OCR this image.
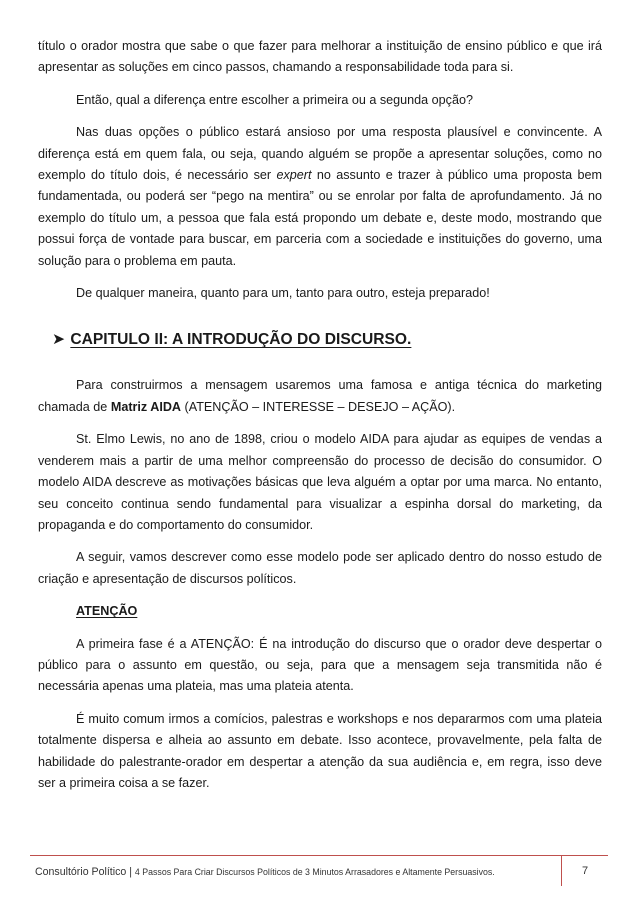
título o orador mostra que sabe o que fazer para melhorar a instituição de ensino público e que irá apresentar as soluções em cinco passos, chamando a responsabilidade toda para si.

Então, qual a diferença entre escolher a primeira ou a segunda opção?

Nas duas opções o público estará ansioso por uma resposta plausível e convincente. A diferença está em quem fala, ou seja, quando alguém se propõe a apresentar soluções, como no exemplo do título dois, é necessário ser expert no assunto e trazer à público uma proposta bem fundamentada, ou poderá ser “pego na mentira” ou se enrolar por falta de aprofundamento. Já no exemplo do título um, a pessoa que fala está propondo um debate e, deste modo, mostrando que possui força de vontade para buscar, em parceria com a sociedade e instituições do governo, uma solução para o problema em pauta.

De qualquer maneira, quanto para um, tanto para outro, esteja preparado!

➤ CAPITULO II: A INTRODUÇÃO DO DISCURSO.

Para construirmos a mensagem usaremos uma famosa e antiga técnica do marketing chamada de Matriz AIDA (ATENÇÃO – INTERESSE – DESEJO – AÇÃO).

St. Elmo Lewis, no ano de 1898, criou o modelo AIDA para ajudar as equipes de vendas a venderem mais a partir de uma melhor compreensão do processo de decisão do consumidor. O modelo AIDA descreve as motivações básicas que leva alguém a optar por uma marca. No entanto, seu conceito continua sendo fundamental para visualizar a espinha dorsal do marketing, da propaganda e do comportamento do consumidor.

A seguir, vamos descrever como esse modelo pode ser aplicado dentro do nosso estudo de criação e apresentação de discursos políticos.

ATENÇÃO

A primeira fase é a ATENÇÃO: É na introdução do discurso que o orador deve despertar o público para o assunto em questão, ou seja, para que a mensagem seja transmitida não é necessária apenas uma plateia, mas uma plateia atenta.

É muito comum irmos a comícios, palestras e workshops e nos depararmos com uma plateia totalmente dispersa e alheia ao assunto em debate. Isso acontece, provavelmente, pela falta de habilidade do palestrante-orador em despertar a atenção da sua audiência e, em regra, isso deve ser a primeira coisa a se fazer.

Consultório Político | 4 Passos Para Criar Discursos Políticos de 3 Minutos Arrasadores e Altamente Persuasivos.	7
